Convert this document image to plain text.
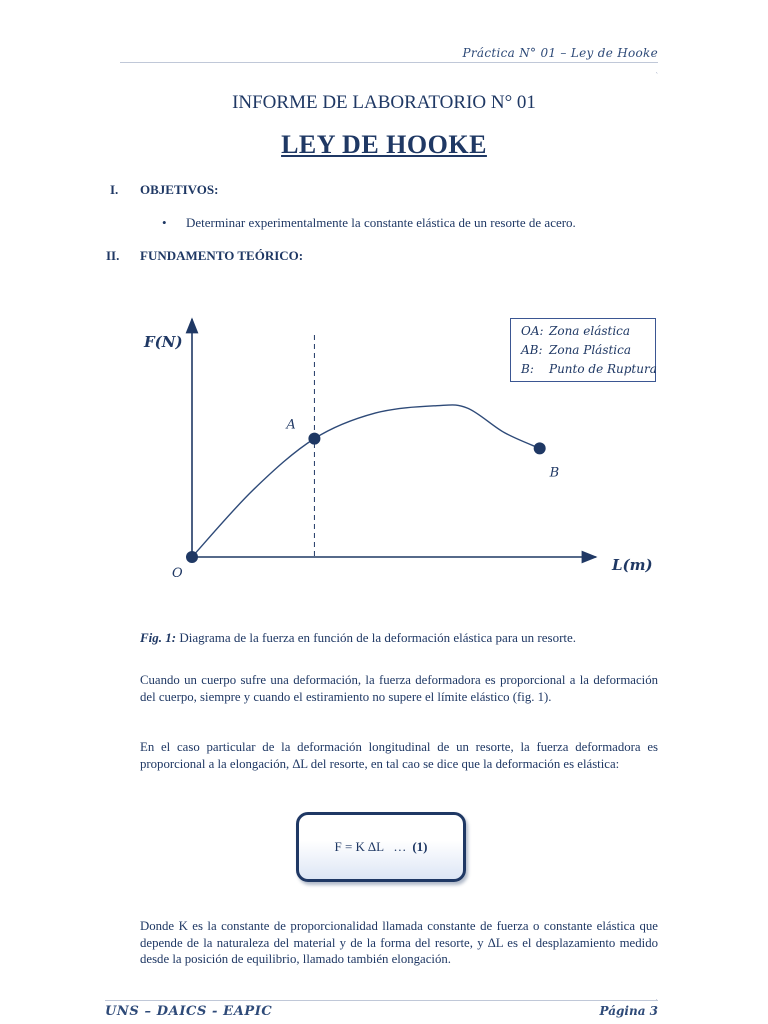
Práctica N° 01 – Ley de Hooke
ˏ
INFORME DE LABORATORIO N° 01
LEY DE HOOKE
I. OBJETIVOS:
• Determinar experimentalmente la constante elástica de un resorte de acero.
II. FUNDAMENTO TEÓRICO:
O
A
B
F(N)
L(m)
OA: Zona elástica
AB: Zona Plástica
B: Punto de Ruptura
Fig. 1: Diagrama de la fuerza en función de la deformación elástica para un resorte.
Cuando un cuerpo sufre una deformación, la fuerza deformadora es proporcional a la deformación del cuerpo, siempre y cuando el estiramiento no supere el límite elástico (fig. 1).
En el caso particular de la deformación longitudinal de un resorte, la fuerza deformadora es proporcional a la elongación, ∆L del resorte, en tal cao se dice que la deformación es elástica:
F = K ∆L   … (1)
Donde K es la constante de proporcionalidad llamada constante de fuerza o constante elástica que depende de la naturaleza del material y de la forma del resorte, y ∆L es el desplazamiento medido desde la posición de equilibrio, llamado también elongación.
ˏ
UNS – DAICS - EAPIC	Página 3
